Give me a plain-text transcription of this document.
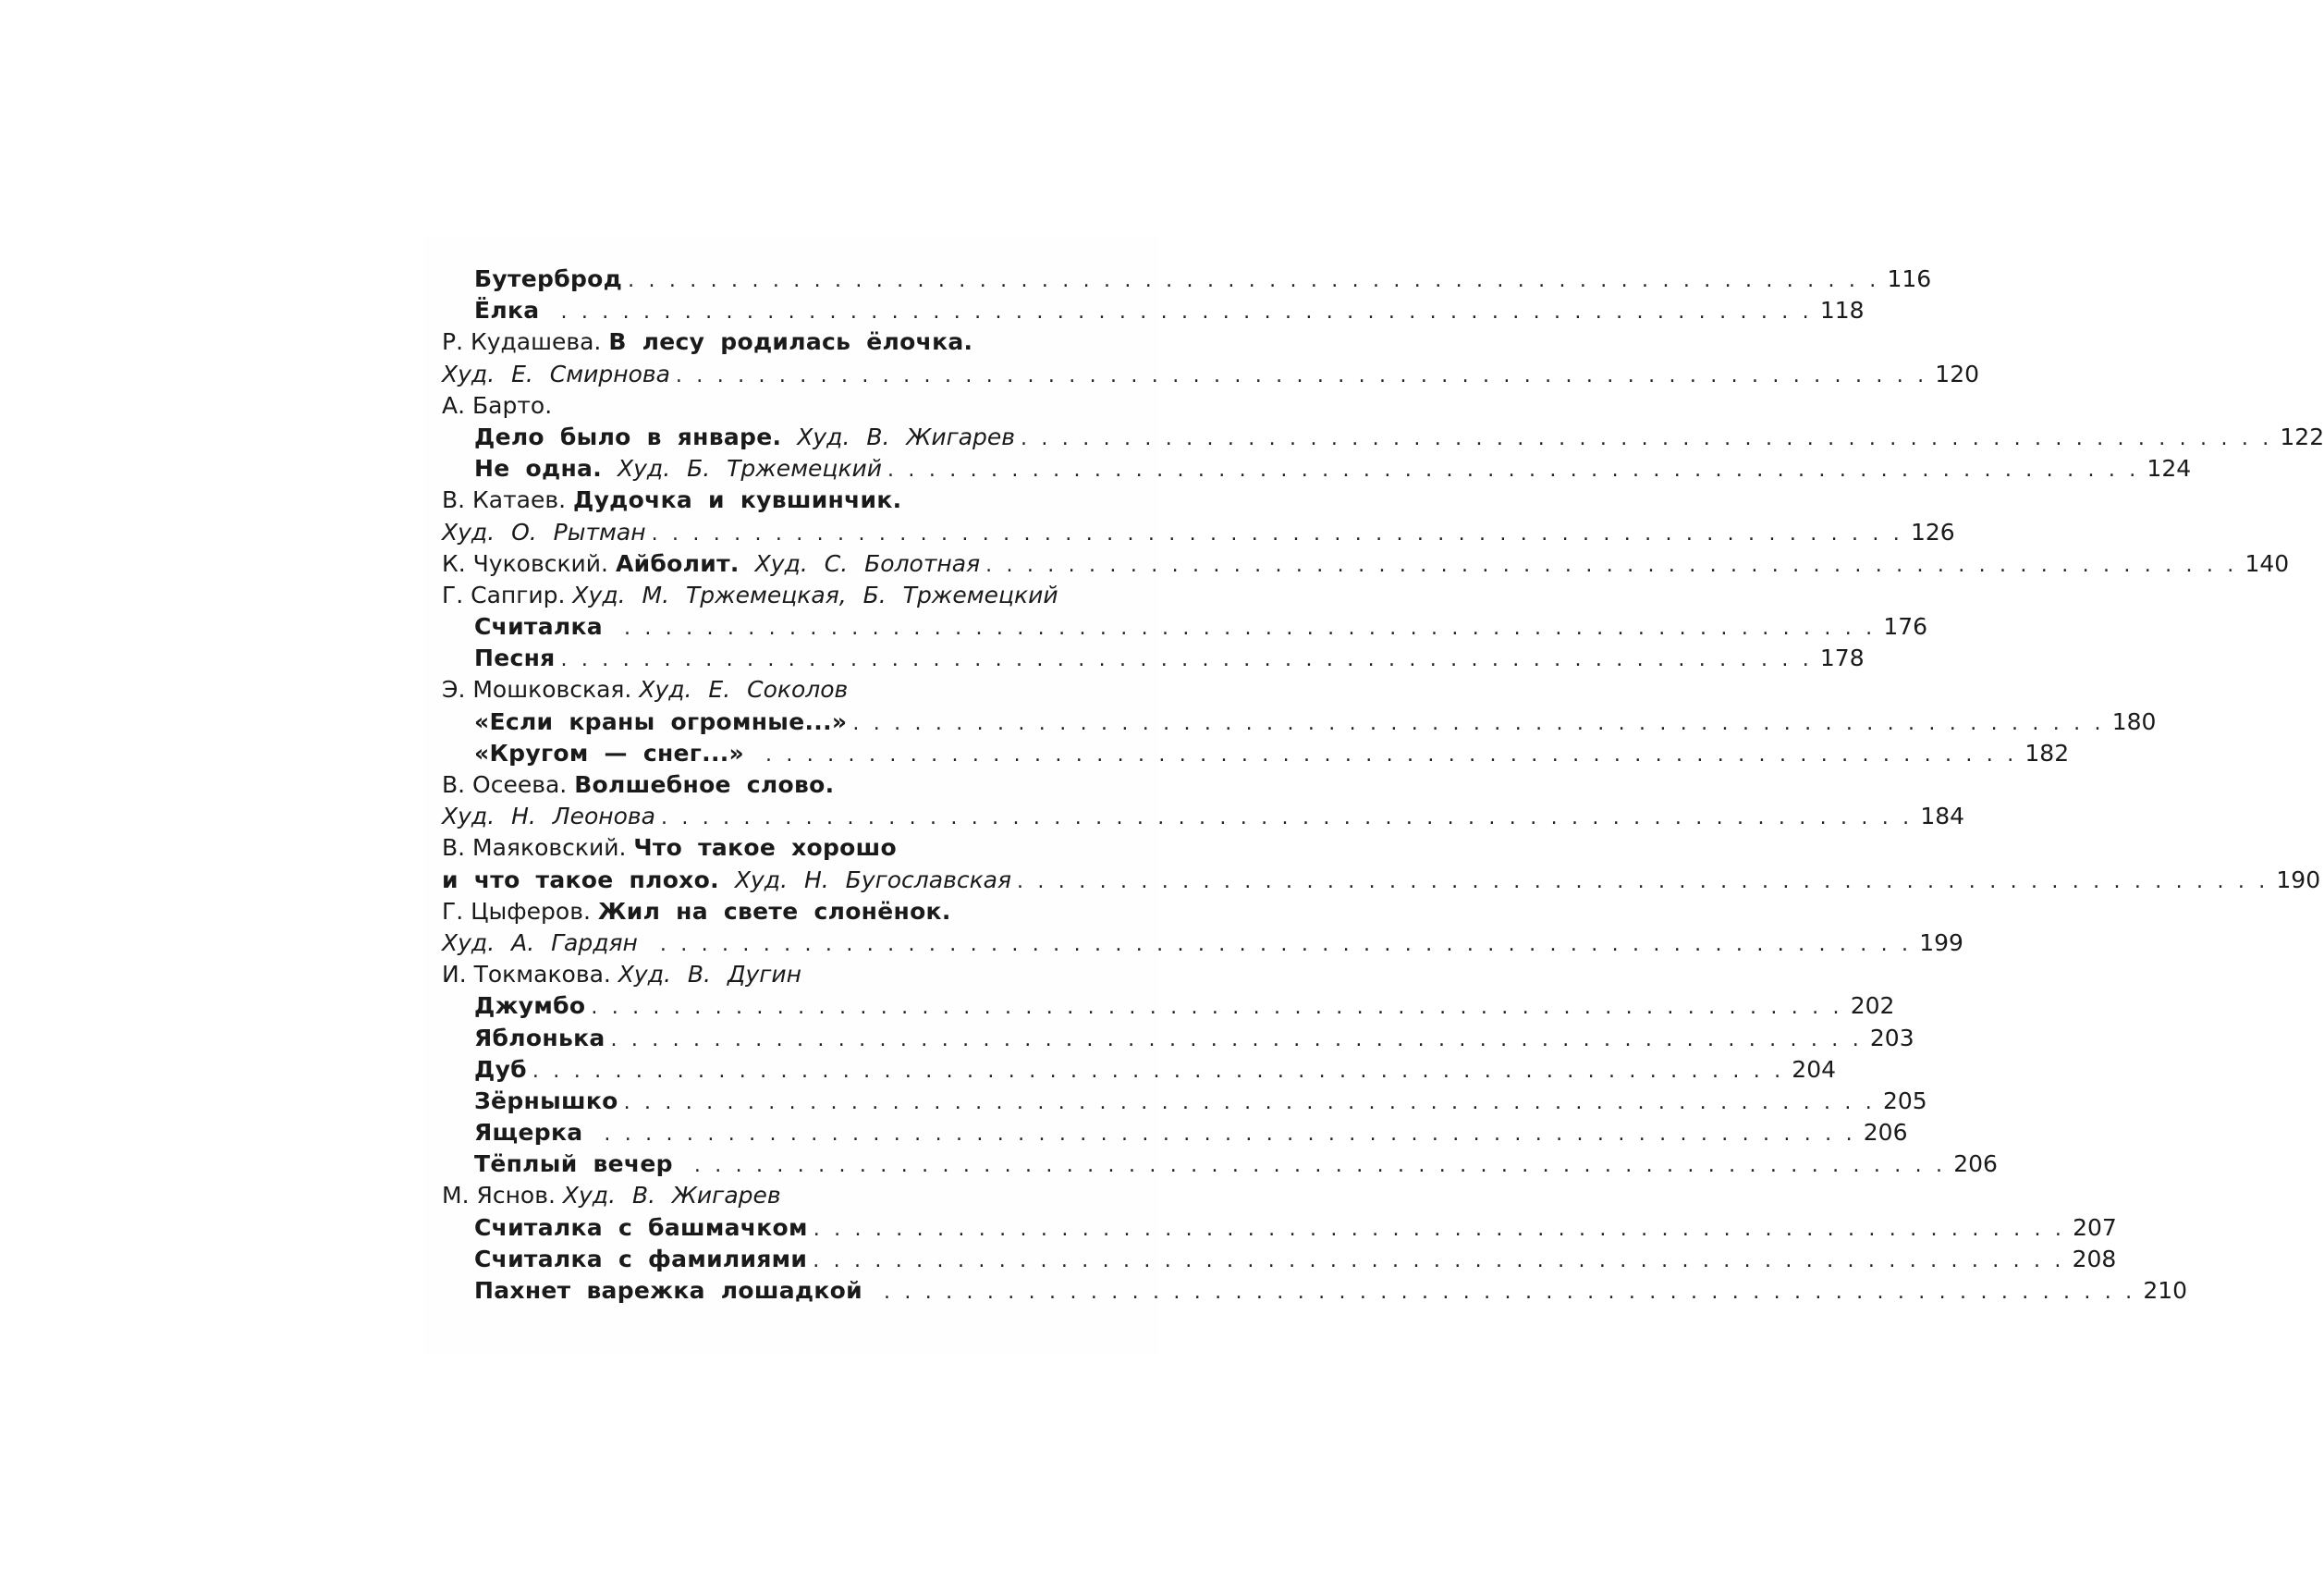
Бутерброд . . . . . . . . . . . . . . . . . . . . . . . . . . . . . . . . . . . . . . . . . . . . . . . . . . . . . . . . . . . . . 116
Ёлка . . . . . . . . . . . . . . . . . . . . . . . . . . . . . . . . . . . . . . . . . . . . . . . . . . . . . . . . . . . . . 118
Р. Кудашева. В лесу родилась ёлочка.
Худ. Е. Смирнова . . . . . . . . . . . . . . . . . . . . . . . . . . . . . . . . . . . . . . . . . . . . . . . . . . . . . . . . . . . . . 120
А. Барто.
Дело было в январе. Худ. В. Жигарев . . . . . . . . . . . . . . . . . . . . . . . . . . . . . . . . . . . . . . . . . . . . . . . . . . . . . . . . . . . . . 122
Не одна. Худ. Б. Тржемецкий . . . . . . . . . . . . . . . . . . . . . . . . . . . . . . . . . . . . . . . . . . . . . . . . . . . . . . . . . . . . . 124
В. Катаев. Дудочка и кувшинчик.
Худ. О. Рытман . . . . . . . . . . . . . . . . . . . . . . . . . . . . . . . . . . . . . . . . . . . . . . . . . . . . . . . . . . . . . 126
К. Чуковский. Айболит. Худ. С. Болотная . . . . . . . . . . . . . . . . . . . . . . . . . . . . . . . . . . . . . . . . . . . . . . . . . . . . . . . . . . . . . 140
Г. Сапгир. Худ. М. Тржемецкая, Б. Тржемецкий
Считалка . . . . . . . . . . . . . . . . . . . . . . . . . . . . . . . . . . . . . . . . . . . . . . . . . . . . . . . . . . . . . 176
Песня . . . . . . . . . . . . . . . . . . . . . . . . . . . . . . . . . . . . . . . . . . . . . . . . . . . . . . . . . . . . . 178
Э. Мошковская. Худ. Е. Соколов
«Если краны огромные...» . . . . . . . . . . . . . . . . . . . . . . . . . . . . . . . . . . . . . . . . . . . . . . . . . . . . . . . . . . . . . 180
«Кругом — снег...» . . . . . . . . . . . . . . . . . . . . . . . . . . . . . . . . . . . . . . . . . . . . . . . . . . . . . . . . . . . . . 182
В. Осеева. Волшебное слово.
Худ. Н. Леонова . . . . . . . . . . . . . . . . . . . . . . . . . . . . . . . . . . . . . . . . . . . . . . . . . . . . . . . . . . . . . 184
В. Маяковский. Что такое хорошо
и что такое плохо. Худ. Н. Бугославская . . . . . . . . . . . . . . . . . . . . . . . . . . . . . . . . . . . . . . . . . . . . . . . . . . . . . . . . . . . . . 190
Г. Цыферов. Жил на свете слонёнок.
Худ. А. Гардян . . . . . . . . . . . . . . . . . . . . . . . . . . . . . . . . . . . . . . . . . . . . . . . . . . . . . . . . . . . . . 199
И. Токмакова. Худ. В. Дугин
Джумбо . . . . . . . . . . . . . . . . . . . . . . . . . . . . . . . . . . . . . . . . . . . . . . . . . . . . . . . . . . . . . 202
Яблонька . . . . . . . . . . . . . . . . . . . . . . . . . . . . . . . . . . . . . . . . . . . . . . . . . . . . . . . . . . . . . 203
Дуб . . . . . . . . . . . . . . . . . . . . . . . . . . . . . . . . . . . . . . . . . . . . . . . . . . . . . . . . . . . . . 204
Зёрнышко . . . . . . . . . . . . . . . . . . . . . . . . . . . . . . . . . . . . . . . . . . . . . . . . . . . . . . . . . . . . . 205
Ящерка . . . . . . . . . . . . . . . . . . . . . . . . . . . . . . . . . . . . . . . . . . . . . . . . . . . . . . . . . . . . . 206
Тёплый вечер . . . . . . . . . . . . . . . . . . . . . . . . . . . . . . . . . . . . . . . . . . . . . . . . . . . . . . . . . . . . . 206
М. Яснов. Худ. В. Жигарев
Считалка с башмачком . . . . . . . . . . . . . . . . . . . . . . . . . . . . . . . . . . . . . . . . . . . . . . . . . . . . . . . . . . . . . 207
Считалка с фамилиями . . . . . . . . . . . . . . . . . . . . . . . . . . . . . . . . . . . . . . . . . . . . . . . . . . . . . . . . . . . . . 208
Пахнет варежка лошадкой . . . . . . . . . . . . . . . . . . . . . . . . . . . . . . . . . . . . . . . . . . . . . . . . . . . . . . . . . . . . . 210
